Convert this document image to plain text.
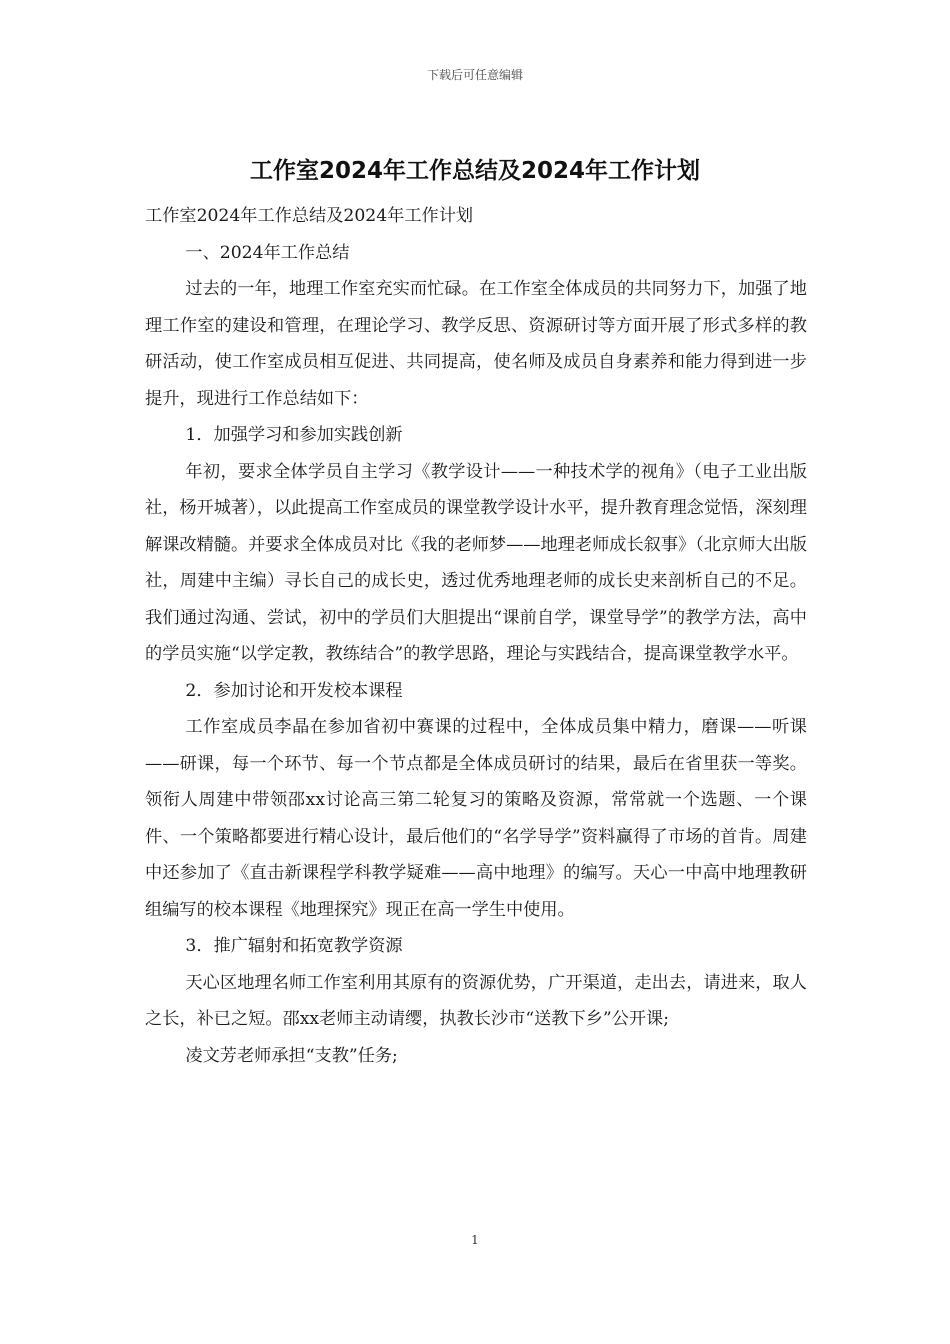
下载后可任意编辑
工作室2024年工作总结及2024年工作计划

工作室2024年工作总结及2024年工作计划

一、2024年工作总结

过去的一年，地理工作室充实而忙碌。在工作室全体成员的共同努力下，加强了地理工作室的建设和管理，在理论学习、教学反思、资源研讨等方面开展了形式多样的教研活动，使工作室成员相互促进、共同提高，使名师及成员自身素养和能力得到进一步提升，现进行工作总结如下：

1．加强学习和参加实践创新

年初，要求全体学员自主学习《教学设计——一种技术学的视角》（电子工业出版社，杨开城著），以此提高工作室成员的课堂教学设计水平，提升教育理念觉悟，深刻理解课改精髓。并要求全体成员对比《我的老师梦——地理老师成长叙事》（北京师大出版社，周建中主编）寻长自己的成长史，透过优秀地理老师的成长史来剖析自己的不足。我们通过沟通、尝试，初中的学员们大胆提出“课前自学，课堂导学”的教学方法，高中的学员实施“以学定教，教练结合”的教学思路，理论与实践结合，提高课堂教学水平。

2．参加讨论和开发校本课程

工作室成员李晶在参加省初中赛课的过程中，全体成员集中精力，磨课——听课——研课，每一个环节、每一个节点都是全体成员研讨的结果，最后在省里获一等奖。领衔人周建中带领邵xx讨论高三第二轮复习的策略及资源，常常就一个选题、一个课件、一个策略都要进行精心设计，最后他们的“名学导学”资料赢得了市场的首肯。周建中还参加了《直击新课程学科教学疑难——高中地理》的编写。天心一中高中地理教研组编写的校本课程《地理探究》现正在高一学生中使用。

3．推广辐射和拓宽教学资源

天心区地理名师工作室利用其原有的资源优势，广开渠道，走出去，请进来，取人之长，补已之短。邵xx老师主动请缨，执教长沙市“送教下乡”公开课;

凌文芳老师承担“支教”任务;

1
